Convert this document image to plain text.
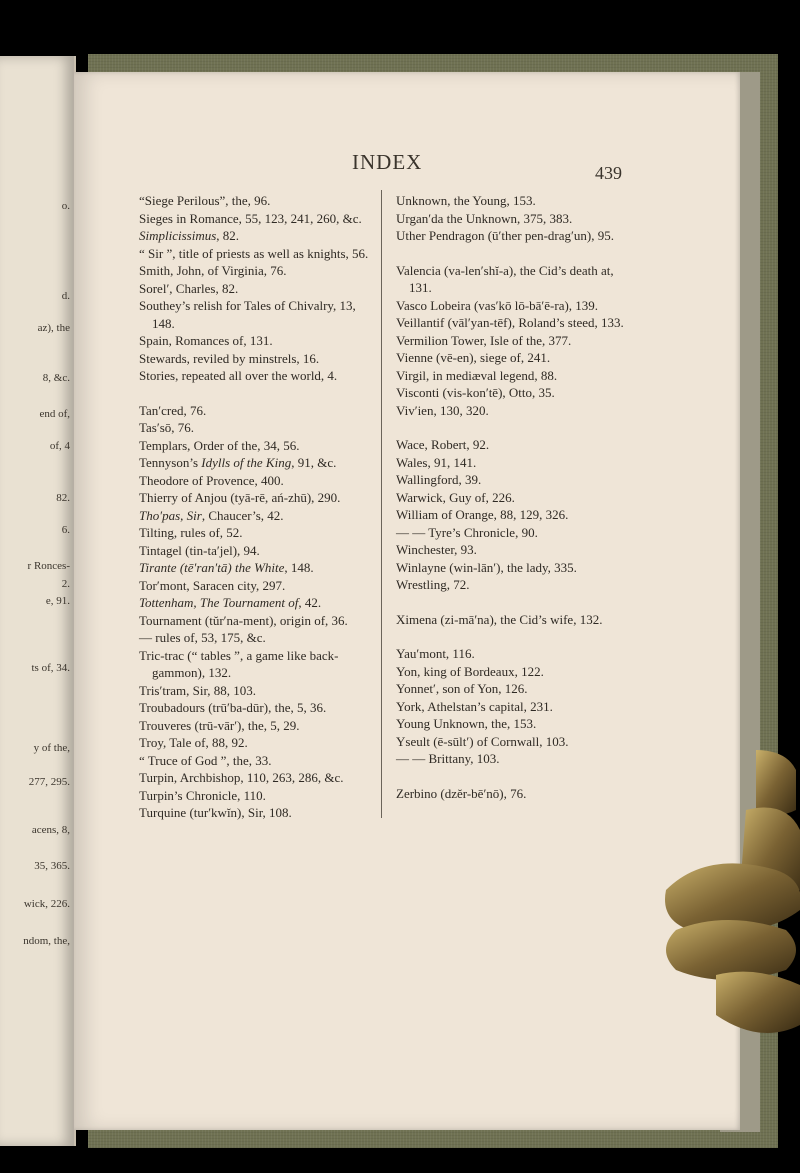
o.
d.
az), the
8, &c.
end of,
of, 4
82.
6.
r Ronces-
2.
e, 91.
ts of, 34.
y of the,
277, 295.
acens, 8,
35, 365.
wick, 226.
ndom, the,
INDEX	439
“Siege Perilous”, the, 96.
Sieges in Romance, 55, 123, 241, 260, &c.
Simplicissimus, 82.
“ Sir ”, title of priests as well as knights, 56.
Smith, John, of Virginia, 76.
Sorel′, Charles, 82.
Southey’s relish for Tales of Chivalry, 13, 148.
Spain, Romances of, 131.
Stewards, reviled by minstrels, 16.
Stories, repeated all over the world, 4.
Tan′cred, 76.
Tas′sō, 76.
Templars, Order of the, 34, 56.
Tennyson’s Idylls of the King, 91, &c.
Theodore of Provence, 400.
Thierry of Anjou (tyā-rē, ań-zhū), 290.
Tho′pas, Sir, Chaucer’s, 42.
Tilting, rules of, 52.
Tintagel (tin-ta′jel), 94.
Tirante (tē′ran′tā) the White, 148.
Tor′mont, Saracen city, 297.
Tottenham, The Tournament of, 42.
Tournament (tŭr′na-ment), origin of, 36.
— rules of, 53, 175, &c.
Tric-trac (“ tables ”, a game like back-gammon), 132.
Tris′tram, Sir, 88, 103.
Troubadours (trū′ba-dūr), the, 5, 36.
Trouveres (trū-vār′), the, 5, 29.
Troy, Tale of, 88, 92.
“ Truce of God ”, the, 33.
Turpin, Archbishop, 110, 263, 286, &c.
Turpin’s Chronicle, 110.
Turquine (tur′kwĭn), Sir, 108.
Unknown, the Young, 153.
Urgan′da the Unknown, 375, 383.
Uther Pendragon (ū′ther pen-drag′un), 95.
Valencia (va-len′shĭ-a), the Cid’s death at, 131.
Vasco Lobeira (vas′kō lō-bā′ē-ra), 139.
Veillantif (vāl′yan-tēf), Roland’s steed, 133.
Vermilion Tower, Isle of the, 377.
Vienne (vē-en), siege of, 241.
Virgil, in mediæval legend, 88.
Visconti (vis-kon′tē), Otto, 35.
Viv′ien, 130, 320.
Wace, Robert, 92.
Wales, 91, 141.
Wallingford, 39.
Warwick, Guy of, 226.
William of Orange, 88, 129, 326.
— — Tyre’s Chronicle, 90.
Winchester, 93.
Winlayne (win-lān′), the lady, 335.
Wrestling, 72.
Ximena (zi-mā′na), the Cid’s wife, 132.
Yau′mont, 116.
Yon, king of Bordeaux, 122.
Yonnet′, son of Yon, 126.
York, Athelstan’s capital, 231.
Young Unknown, the, 153.
Yseult (ē-sūlt′) of Cornwall, 103.
— — Brittany, 103.
Zerbino (dzĕr-bē′nō), 76.
